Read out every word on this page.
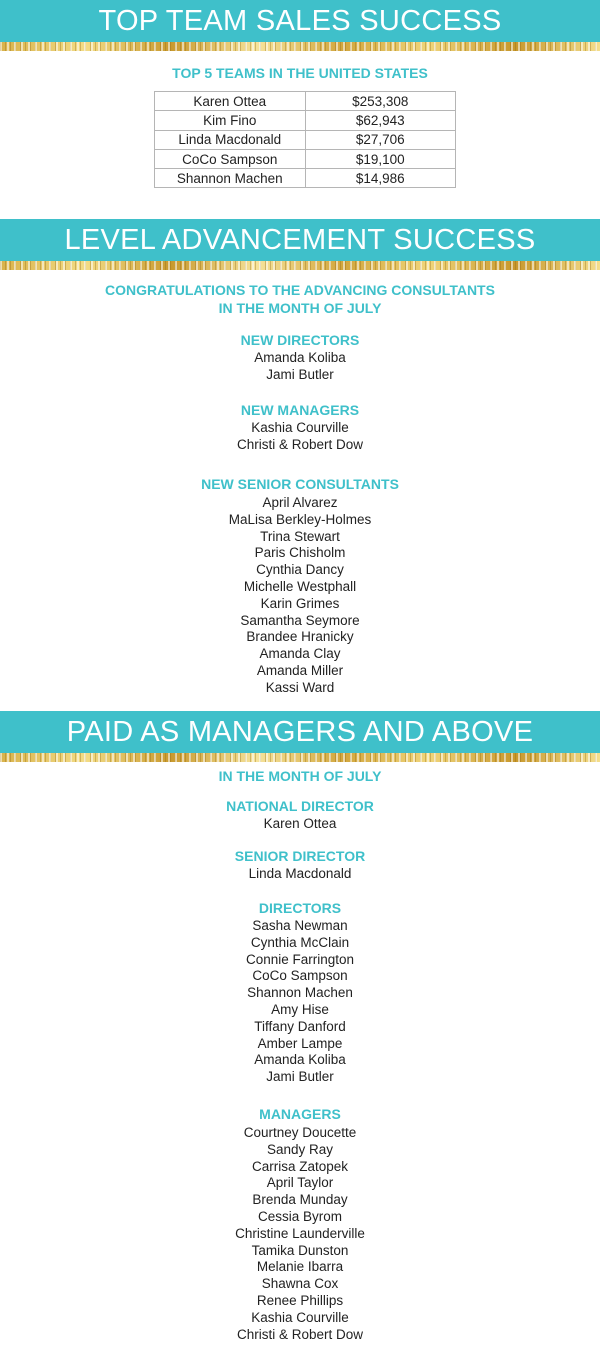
TOP TEAM SALES SUCCESS
TOP 5 TEAMS IN THE UNITED STATES
Karen Ottea	$253,308
Kim Fino	$62,943
Linda Macdonald	$27,706
CoCo Sampson	$19,100
Shannon Machen	$14,986
LEVEL ADVANCEMENT SUCCESS
CONGRATULATIONS TO THE ADVANCING CONSULTANTS
IN THE MONTH OF JULY
NEW DIRECTORS
Amanda Koliba
Jami Butler
NEW MANAGERS
Kashia Courville
Christi & Robert Dow
NEW SENIOR CONSULTANTS
April Alvarez
MaLisa Berkley-Holmes
Trina Stewart
Paris Chisholm
Cynthia Dancy
Michelle Westphall
Karin Grimes
Samantha Seymore
Brandee Hranicky
Amanda Clay
Amanda Miller
Kassi Ward
PAID AS MANAGERS AND ABOVE
IN THE MONTH OF JULY
NATIONAL DIRECTOR
Karen Ottea
SENIOR DIRECTOR
Linda Macdonald
DIRECTORS
Sasha Newman
Cynthia McClain
Connie Farrington
CoCo Sampson
Shannon Machen
Amy Hise
Tiffany Danford
Amber Lampe
Amanda Koliba
Jami Butler
MANAGERS
Courtney Doucette
Sandy Ray
Carrisa Zatopek
April Taylor
Brenda Munday
Cessia Byrom
Christine Launderville
Tamika Dunston
Melanie Ibarra
Shawna Cox
Renee Phillips
Kashia Courville
Christi & Robert Dow
